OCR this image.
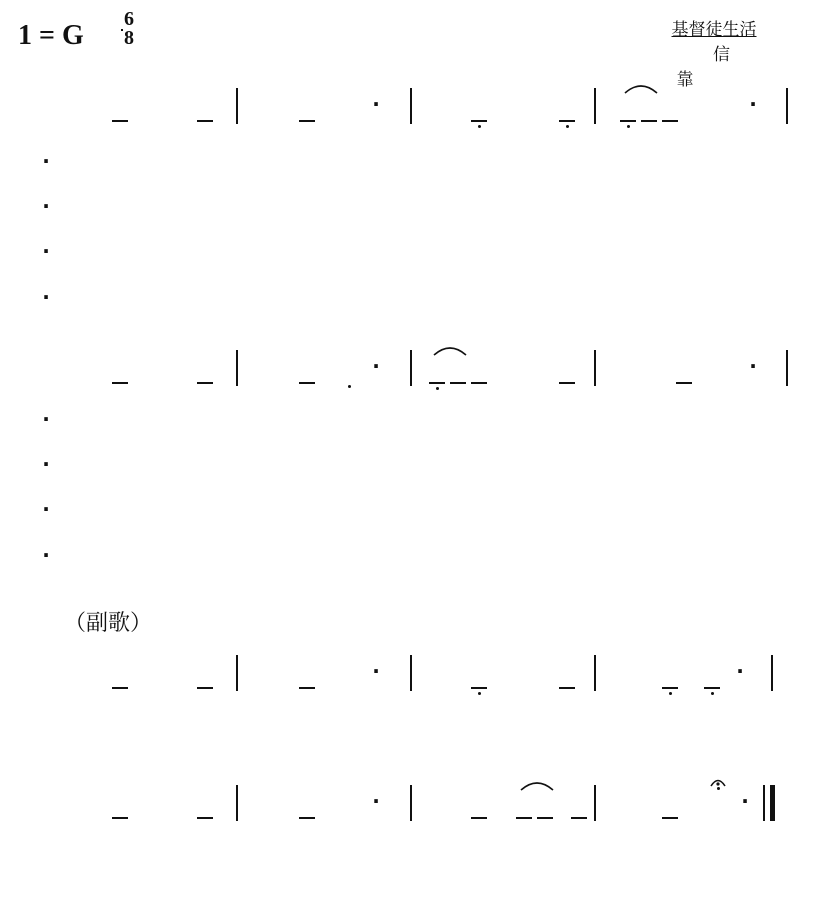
1 = G
6
8	基督徒生活
信靠
（副歌）
·	·
·
·
·
·
·	·
·
·
·
·
·	·
·	·
